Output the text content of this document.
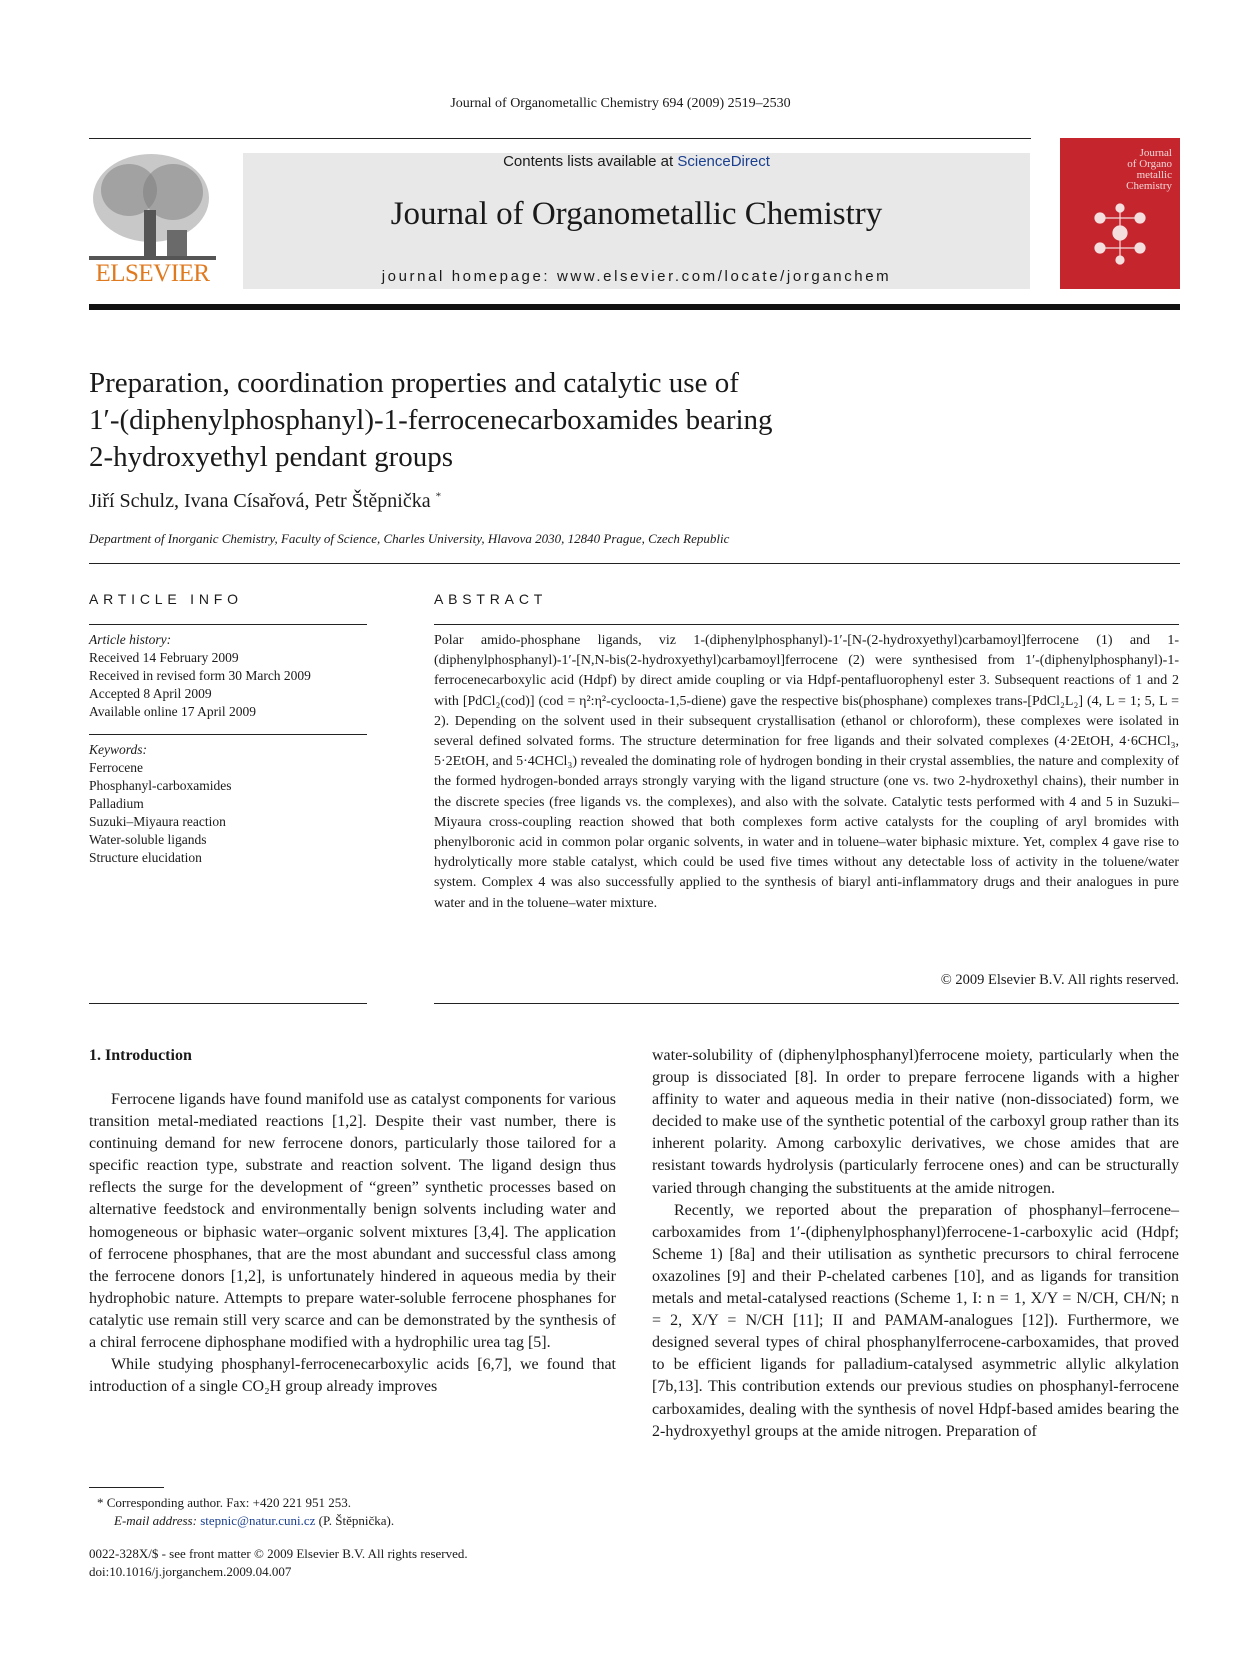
Journal of Organometallic Chemistry 694 (2009) 2519–2530
ELSEVIER
Contents lists available at ScienceDirect
Journal of Organometallic Chemistry
journal homepage: www.elsevier.com/locate/jorganchem
Journal
of Organo
metallic
Chemistry
Preparation, coordination properties and catalytic use of
1′-(diphenylphosphanyl)-1-ferrocenecarboxamides bearing
2-hydroxyethyl pendant groups
Jiří Schulz, Ivana Císařová, Petr Štěpnička *
Department of Inorganic Chemistry, Faculty of Science, Charles University, Hlavova 2030, 12840 Prague, Czech Republic
ARTICLE INFO
Article history:
Received 14 February 2009
Received in revised form 30 March 2009
Accepted 8 April 2009
Available online 17 April 2009
Keywords:
Ferrocene
Phosphanyl-carboxamides
Palladium
Suzuki–Miyaura reaction
Water-soluble ligands
Structure elucidation
ABSTRACT
Polar amido-phosphane ligands, viz 1-(diphenylphosphanyl)-1′-[N-(2-hydroxyethyl)carbamoyl]ferrocene (1) and 1-(diphenylphosphanyl)-1′-[N,N-bis(2-hydroxyethyl)carbamoyl]ferrocene (2) were synthesised from 1′-(diphenylphosphanyl)-1-ferrocenecarboxylic acid (Hdpf) by direct amide coupling or via Hdpf-pentafluorophenyl ester 3. Subsequent reactions of 1 and 2 with [PdCl₂(cod)] (cod = η²:η²-cycloocta-1,5-diene) gave the respective bis(phosphane) complexes trans-[PdCl₂L₂] (4, L = 1; 5, L = 2). Depending on the solvent used in their subsequent crystallisation (ethanol or chloroform), these complexes were isolated in several defined solvated forms. The structure determination for free ligands and their solvated complexes (4·2EtOH, 4·6CHCl₃, 5·2EtOH, and 5·4CHCl₃) revealed the dominating role of hydrogen bonding in their crystal assemblies, the nature and complexity of the formed hydrogen-bonded arrays strongly varying with the ligand structure (one vs. two 2-hydroxethyl chains), their number in the discrete species (free ligands vs. the complexes), and also with the solvate. Catalytic tests performed with 4 and 5 in Suzuki–Miyaura cross-coupling reaction showed that both complexes form active catalysts for the coupling of aryl bromides with phenylboronic acid in common polar organic solvents, in water and in toluene–water biphasic mixture. Yet, complex 4 gave rise to hydrolytically more stable catalyst, which could be used five times without any detectable loss of activity in the toluene/water system. Complex 4 was also successfully applied to the synthesis of biaryl anti-inflammatory drugs and their analogues in pure water and in the toluene–water mixture.
© 2009 Elsevier B.V. All rights reserved.
1. Introduction

Ferrocene ligands have found manifold use as catalyst components for various transition metal-mediated reactions [1,2]. Despite their vast number, there is continuing demand for new ferrocene donors, particularly those tailored for a specific reaction type, substrate and reaction solvent. The ligand design thus reflects the surge for the development of “green” synthetic processes based on alternative feedstock and environmentally benign solvents including water and homogeneous or biphasic water–organic solvent mixtures [3,4]. The application of ferrocene phosphanes, that are the most abundant and successful class among the ferrocene donors [1,2], is unfortunately hindered in aqueous media by their hydrophobic nature. Attempts to prepare water-soluble ferrocene phosphanes for catalytic use remain still very scarce and can be demonstrated by the synthesis of a chiral ferrocene diphosphane modified with a hydrophilic urea tag [5].

While studying phosphanyl-ferrocenecarboxylic acids [6,7], we found that introduction of a single CO₂H group already improves

water-solubility of (diphenylphosphanyl)ferrocene moiety, particularly when the group is dissociated [8]. In order to prepare ferrocene ligands with a higher affinity to water and aqueous media in their native (non-dissociated) form, we decided to make use of the synthetic potential of the carboxyl group rather than its inherent polarity. Among carboxylic derivatives, we chose amides that are resistant towards hydrolysis (particularly ferrocene ones) and can be structurally varied through changing the substituents at the amide nitrogen.

Recently, we reported about the preparation of phosphanyl–ferrocene–carboxamides from 1′-(diphenylphosphanyl)ferrocene-1-carboxylic acid (Hdpf; Scheme 1) [8a] and their utilisation as synthetic precursors to chiral ferrocene oxazolines [9] and their P-chelated carbenes [10], and as ligands for transition metals and metal-catalysed reactions (Scheme 1, I: n = 1, X/Y = N/CH, CH/N; n = 2, X/Y = N/CH [11]; II and PAMAM-analogues [12]). Furthermore, we designed several types of chiral phosphanylferrocene-carboxamides, that proved to be efficient ligands for palladium-catalysed asymmetric allylic alkylation [7b,13]. This contribution extends our previous studies on phosphanyl-ferrocene carboxamides, dealing with the synthesis of novel Hdpf-based amides bearing the 2-hydroxyethyl groups at the amide nitrogen. Preparation of

* Corresponding author. Fax: +420 221 951 253.
E-mail address: stepnic@natur.cuni.cz (P. Štěpnička).
0022-328X/$ - see front matter © 2009 Elsevier B.V. All rights reserved.
doi:10.1016/j.jorganchem.2009.04.007
